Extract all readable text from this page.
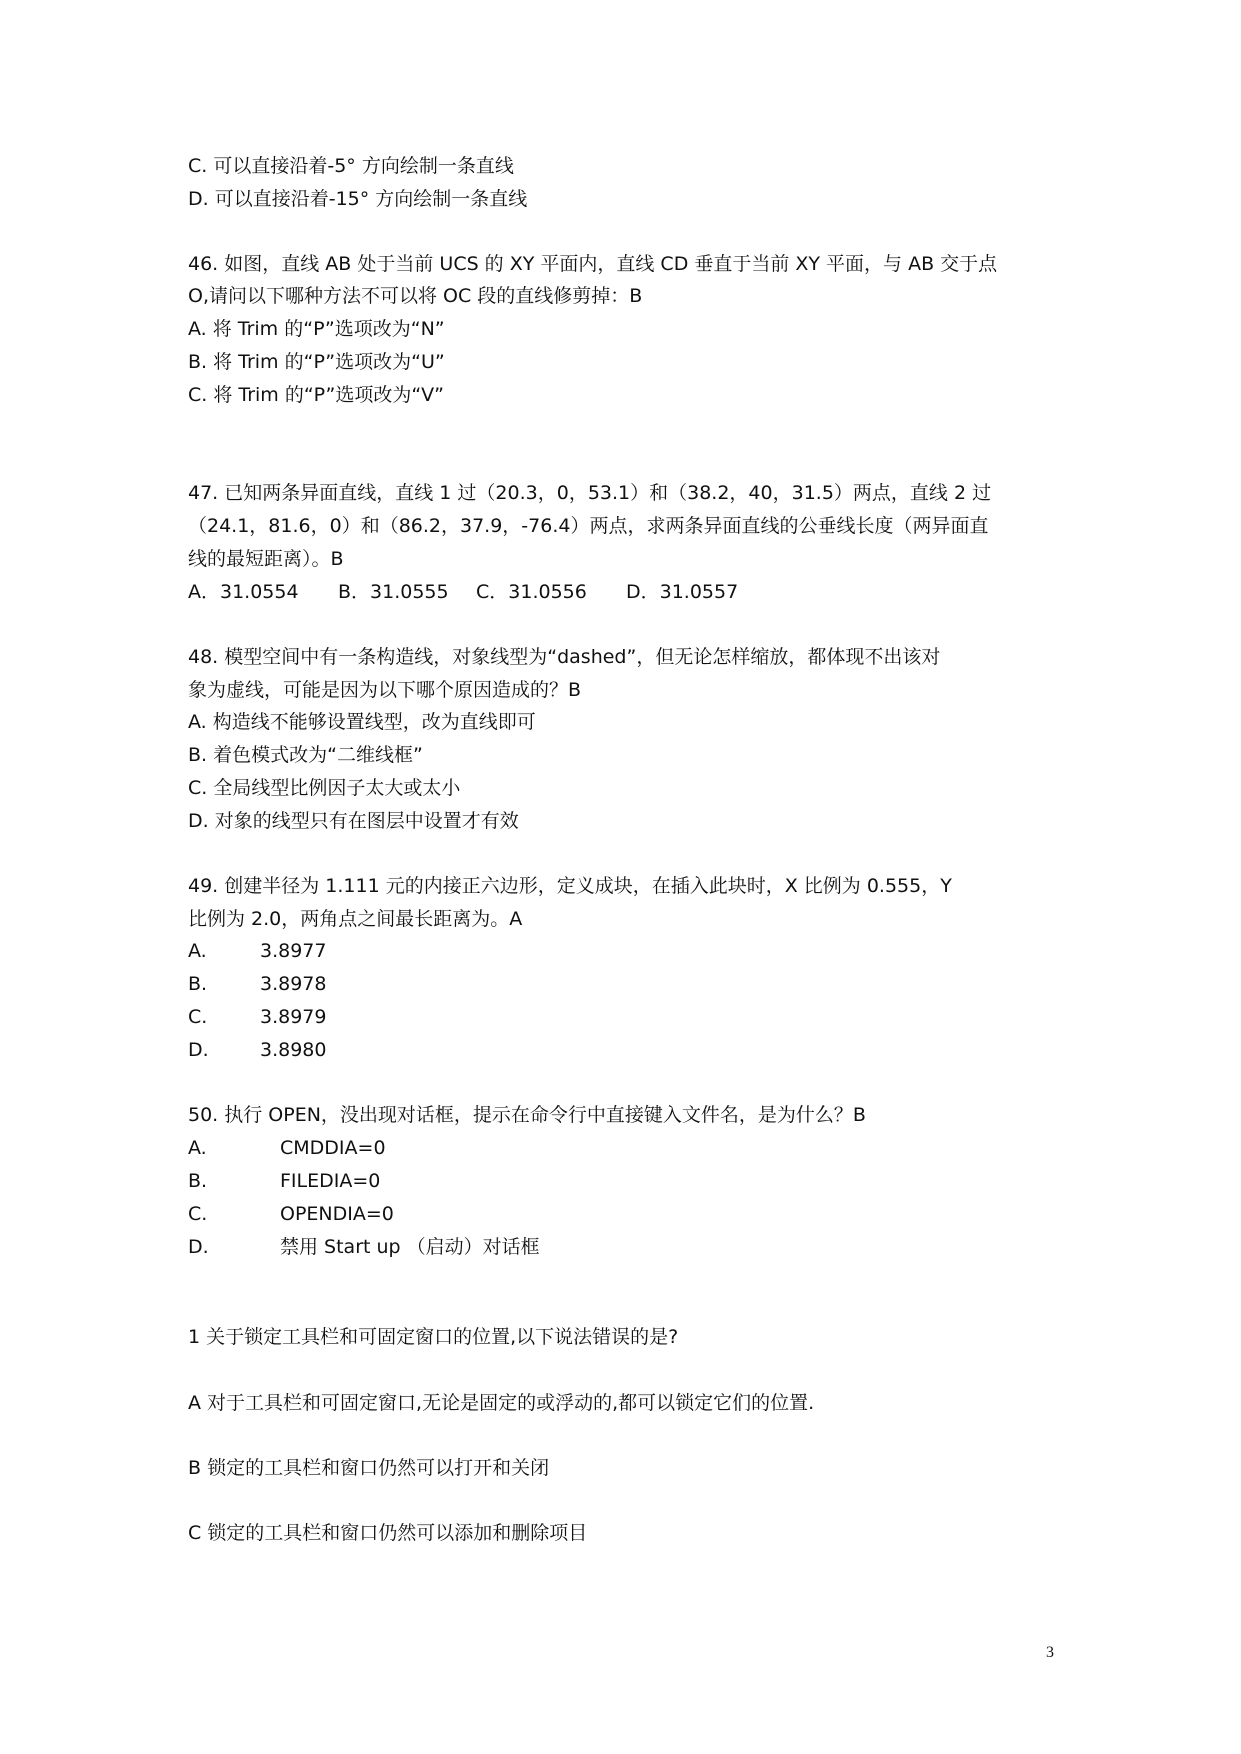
C. 可以直接沿着-5° 方向绘制一条直线
D. 可以直接沿着-15° 方向绘制一条直线
46. 如图，直线 AB 处于当前 UCS 的 XY 平面内，直线 CD 垂直于当前 XY 平面，与 AB 交于点
O,请问以下哪种方法不可以将 OC 段的直线修剪掉：B
A. 将 Trim 的“P”选项改为“N”
B. 将 Trim 的“P”选项改为“U”
C. 将 Trim 的“P”选项改为“V”
47. 已知两条异面直线，直线 1 过（20.3，0，53.1）和（38.2，40，31.5）两点，直线 2 过
（24.1，81.6，0）和（86.2，37.9，-76.4）两点，求两条异面直线的公垂线长度（两异面直
线的最短距离）。B
A．31.0554 B．31.0555 C．31.0556 D．31.0557
48. 模型空间中有一条构造线，对象线型为“dashed”，但无论怎样缩放，都体现不出该对
象为虚线，可能是因为以下哪个原因造成的？B
A. 构造线不能够设置线型，改为直线即可
B. 着色模式改为“二维线框”
C. 全局线型比例因子太大或太小
D. 对象的线型只有在图层中设置才有效
49. 创建半径为 1.111 元的内接正六边形，定义成块，在插入此块时，X 比例为 0.555，Y
比例为 2.0，两角点之间最长距离为。A
A.	3.8977
B.	3.8978
C.	3.8979
D.	3.8980
50. 执行 OPEN，没出现对话框，提示在命令行中直接键入文件名，是为什么？B
A.	CMDDIA=0
B.	FILEDIA=0
C.	OPENDIA=0
D.	禁用 Start up （启动）对话框
1 关于锁定工具栏和可固定窗口的位置,以下说法错误的是?
A 对于工具栏和可固定窗口,无论是固定的或浮动的,都可以锁定它们的位置.
B 锁定的工具栏和窗口仍然可以打开和关闭
C 锁定的工具栏和窗口仍然可以添加和删除项目
3
